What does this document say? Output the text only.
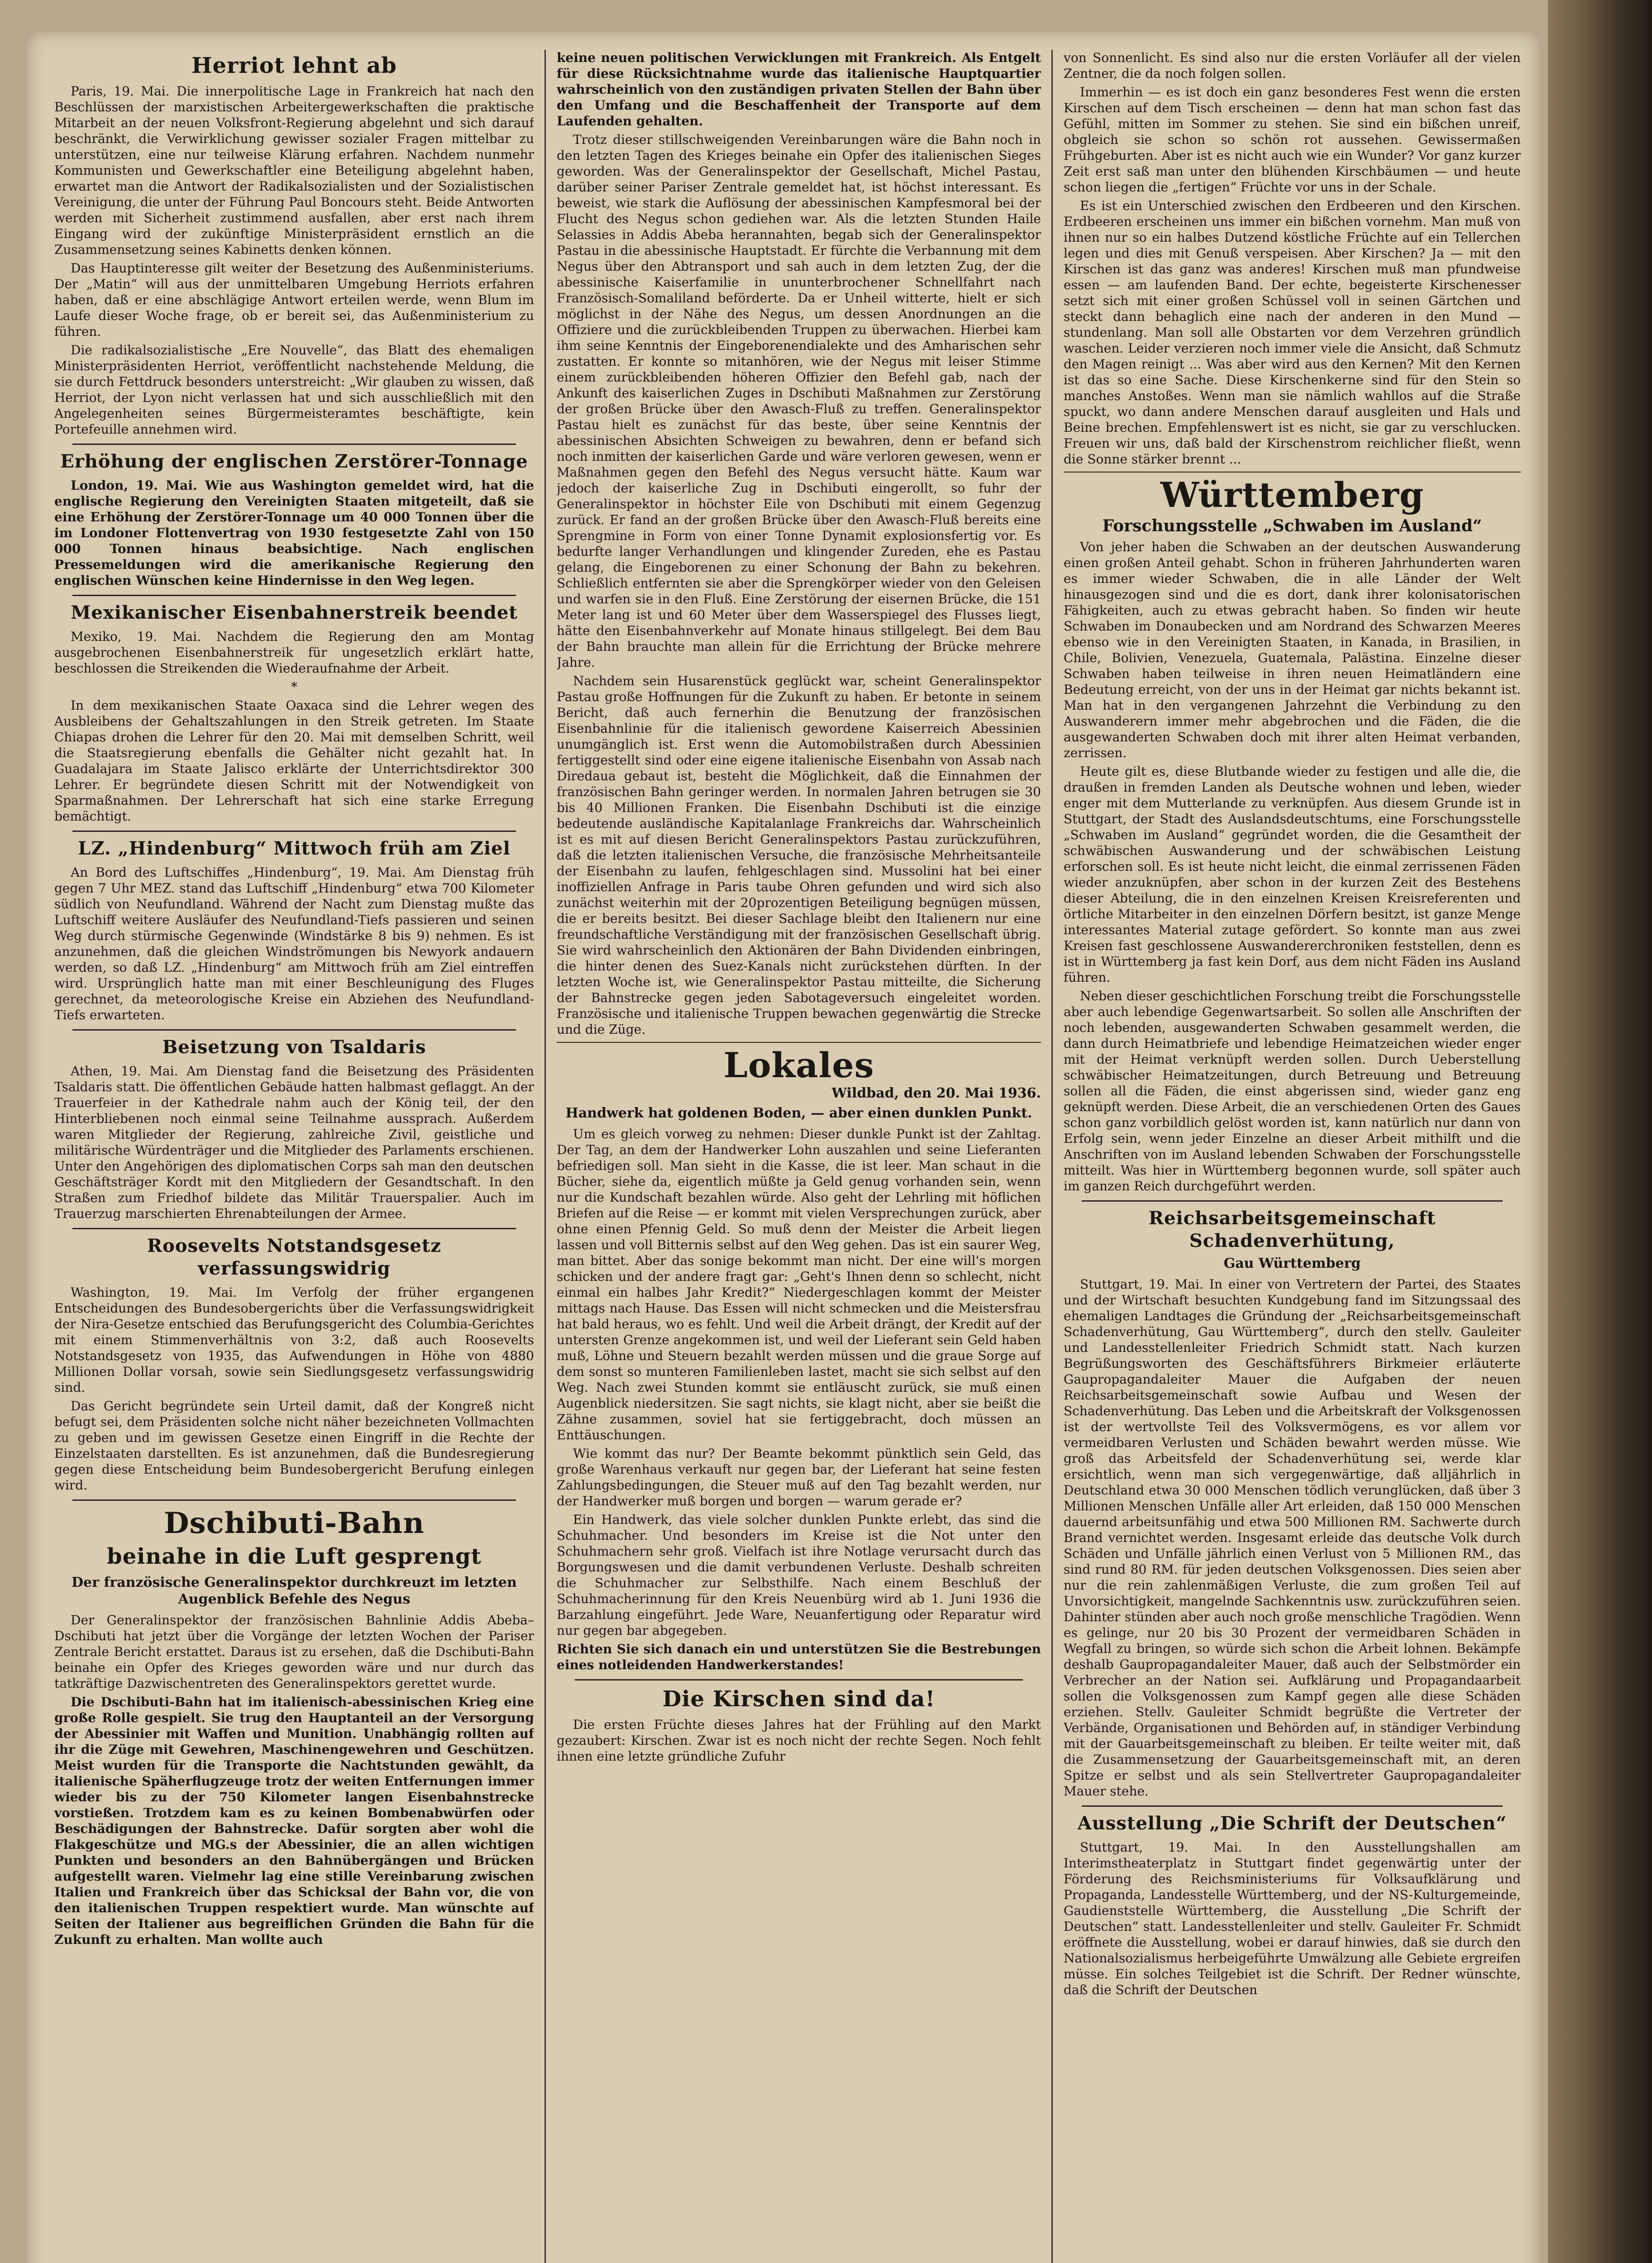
Herriot lehnt ab

Paris, 19. Mai. Die innerpolitische Lage in Frankreich hat nach den Beschlüssen der marxistischen Arbeitergewerkschaften die praktische Mitarbeit an der neuen Volksfront-Regierung abgelehnt und sich darauf beschränkt, die Verwirklichung gewisser sozialer Fragen mittelbar zu unterstützen, eine nur teilweise Klärung erfahren. Nachdem nunmehr Kommunisten und Gewerkschaftler eine Beteiligung abgelehnt haben, erwartet man die Antwort der Radikalsozialisten und der Sozialistischen Vereinigung, die unter der Führung Paul Boncours steht. Beide Antworten werden mit Sicherheit zustimmend ausfallen, aber erst nach ihrem Eingang wird der zukünftige Ministerpräsident ernstlich an die Zusammensetzung seines Kabinetts denken können.

Das Hauptinteresse gilt weiter der Besetzung des Außenministeriums. Der „Matin“ will aus der unmittelbaren Umgebung Herriots erfahren haben, daß er eine abschlägige Antwort erteilen werde, wenn Blum im Laufe dieser Woche frage, ob er bereit sei, das Außenministerium zu führen.

Die radikalsozialistische „Ere Nouvelle“, das Blatt des ehemaligen Ministerpräsidenten Herriot, veröffentlicht nachstehende Meldung, die sie durch Fettdruck besonders unterstreicht: „Wir glauben zu wissen, daß Herriot, der Lyon nicht verlassen hat und sich ausschließlich mit den Angelegenheiten seines Bürgermeisteramtes beschäftigte, kein Portefeuille annehmen wird.

Erhöhung der englischen Zerstörer-Tonnage

London, 19. Mai. Wie aus Washington gemeldet wird, hat die englische Regierung den Vereinigten Staaten mitgeteilt, daß sie eine Erhöhung der Zerstörer-Tonnage um 40 000 Tonnen über die im Londoner Flottenvertrag von 1930 festgesetzte Zahl von 150 000 Tonnen hinaus beabsichtige. Nach englischen Pressemeldungen wird die amerikanische Regierung den englischen Wünschen keine Hindernisse in den Weg legen.

Mexikanischer Eisenbahnerstreik beendet

Mexiko, 19. Mai. Nachdem die Regierung den am Montag ausgebrochenen Eisenbahnerstreik für ungesetzlich erklärt hatte, beschlossen die Streikenden die Wiederaufnahme der Arbeit.

*

In dem mexikanischen Staate Oaxaca sind die Lehrer wegen des Ausbleibens der Gehaltszahlungen in den Streik getreten. Im Staate Chiapas drohen die Lehrer für den 20. Mai mit demselben Schritt, weil die Staatsregierung ebenfalls die Gehälter nicht gezahlt hat. In Guadalajara im Staate Jalisco erklärte der Unterrichtsdirektor 300 Lehrer. Er begründete diesen Schritt mit der Notwendigkeit von Sparmaßnahmen. Der Lehrerschaft hat sich eine starke Erregung bemächtigt.

LZ. „Hindenburg“ Mittwoch früh am Ziel

An Bord des Luftschiffes „Hindenburg“, 19. Mai. Am Dienstag früh gegen 7 Uhr MEZ. stand das Luftschiff „Hindenburg“ etwa 700 Kilometer südlich von Neufundland. Während der Nacht zum Dienstag mußte das Luftschiff weitere Ausläufer des Neufundland-Tiefs passieren und seinen Weg durch stürmische Gegenwinde (Windstärke 8 bis 9) nehmen. Es ist anzunehmen, daß die gleichen Windströmungen bis Newyork andauern werden, so daß LZ. „Hindenburg“ am Mittwoch früh am Ziel eintreffen wird. Ursprünglich hatte man mit einer Beschleunigung des Fluges gerechnet, da meteorologische Kreise ein Abziehen des Neufundland-Tiefs erwarteten.

Beisetzung von Tsaldaris

Athen, 19. Mai. Am Dienstag fand die Beisetzung des Präsidenten Tsaldaris statt. Die öffentlichen Gebäude hatten halbmast geflaggt. An der Trauerfeier in der Kathedrale nahm auch der König teil, der den Hinterbliebenen noch einmal seine Teilnahme aussprach. Außerdem waren Mitglieder der Regierung, zahlreiche Zivil, geistliche und militärische Würdenträger und die Mitglieder des Parlaments erschienen. Unter den Angehörigen des diplomatischen Corps sah man den deutschen Geschäftsträger Kordt mit den Mitgliedern der Gesandtschaft. In den Straßen zum Friedhof bildete das Militär Trauerspalier. Auch im Trauerzug marschierten Ehrenabteilungen der Armee.

Roosevelts Notstandsgesetz verfassungswidrig

Washington, 19. Mai. Im Verfolg der früher ergangenen Entscheidungen des Bundesobergerichts über die Verfassungswidrigkeit der Nira-Gesetze entschied das Berufungsgericht des Columbia-Gerichtes mit einem Stimmenverhältnis von 3:2, daß auch Roosevelts Notstandsgesetz von 1935, das Aufwendungen in Höhe von 4880 Millionen Dollar vorsah, sowie sein Siedlungsgesetz verfassungswidrig sind.

Das Gericht begründete sein Urteil damit, daß der Kongreß nicht befugt sei, dem Präsidenten solche nicht näher bezeichneten Vollmachten zu geben und im gewissen Gesetze einen Eingriff in die Rechte der Einzelstaaten darstellten. Es ist anzunehmen, daß die Bundesregierung gegen diese Entscheidung beim Bundesobergericht Berufung einlegen wird.

Dschibuti-Bahn
beinahe in die Luft gesprengt
Der französische Generalinspektor durchkreuzt im letzten Augenblick Befehle des Negus

Der Generalinspektor der französischen Bahnlinie Addis Abeba–Dschibuti hat jetzt über die Vorgänge der letzten Wochen der Pariser Zentrale Bericht erstattet. Daraus ist zu ersehen, daß die Dschibuti-Bahn beinahe ein Opfer des Krieges geworden wäre und nur durch das tatkräftige Dazwischentreten des Generalinspektors gerettet wurde.

Die Dschibuti-Bahn hat im italienisch-abessinischen Krieg eine große Rolle gespielt. Sie trug den Hauptanteil an der Versorgung der Abessinier mit Waffen und Munition. Unabhängig rollten auf ihr die Züge mit Gewehren, Maschinengewehren und Geschützen. Meist wurden für die Transporte die Nachtstunden gewählt, da italienische Späherflugzeuge trotz der weiten Entfernungen immer wieder bis zu der 750 Kilometer langen Eisenbahnstrecke vorstießen. Trotzdem kam es zu keinen Bombenabwürfen oder Beschädigungen der Bahnstrecke. Dafür sorgten aber wohl die Flakgeschütze und MG.s der Abessinier, die an allen wichtigen Punkten und besonders an den Bahnübergängen und Brücken aufgestellt waren. Vielmehr lag eine stille Vereinbarung zwischen Italien und Frankreich über das Schicksal der Bahn vor, die von den italienischen Truppen respektiert wurde. Man wünschte auf Seiten der Italiener aus begreiflichen Gründen die Bahn für die Zukunft zu erhalten. Man wollte auch

keine neuen politischen Verwicklungen mit Frankreich. Als Entgelt für diese Rücksichtnahme wurde das italienische Hauptquartier wahrscheinlich von den zuständigen privaten Stellen der Bahn über den Umfang und die Beschaffenheit der Transporte auf dem Laufenden gehalten.

Trotz dieser stillschweigenden Vereinbarungen wäre die Bahn noch in den letzten Tagen des Krieges beinahe ein Opfer des italienischen Sieges geworden. Was der Generalinspektor der Gesellschaft, Michel Pastau, darüber seiner Pariser Zentrale gemeldet hat, ist höchst interessant. Es beweist, wie stark die Auflösung der abessinischen Kampfesmoral bei der Flucht des Negus schon gediehen war. Als die letzten Stunden Haile Selassies in Addis Abeba herannahten, begab sich der Generalinspektor Pastau in die abessinische Hauptstadt. Er fürchte die Verbannung mit dem Negus über den Abtransport und sah auch in dem letzten Zug, der die abessinische Kaiserfamilie in ununterbrochener Schnellfahrt nach Französisch-Somaliland beförderte. Da er Unheil witterte, hielt er sich möglichst in der Nähe des Negus, um dessen Anordnungen an die Offiziere und die zurückbleibenden Truppen zu überwachen. Hierbei kam ihm seine Kenntnis der Eingeborenendialekte und des Amharischen sehr zustatten. Er konnte so mitanhören, wie der Negus mit leiser Stimme einem zurückbleibenden höheren Offizier den Befehl gab, nach der Ankunft des kaiserlichen Zuges in Dschibuti Maßnahmen zur Zerstörung der großen Brücke über den Awasch-Fluß zu treffen. Generalinspektor Pastau hielt es zunächst für das beste, über seine Kenntnis der abessinischen Absichten Schweigen zu bewahren, denn er befand sich noch inmitten der kaiserlichen Garde und wäre verloren gewesen, wenn er Maßnahmen gegen den Befehl des Negus versucht hätte. Kaum war jedoch der kaiserliche Zug in Dschibuti eingerollt, so fuhr der Generalinspektor in höchster Eile von Dschibuti mit einem Gegenzug zurück. Er fand an der großen Brücke über den Awasch-Fluß bereits eine Sprengmine in Form von einer Tonne Dynamit explosionsfertig vor. Es bedurfte langer Verhandlungen und klingender Zureden, ehe es Pastau gelang, die Eingeborenen zu einer Schonung der Bahn zu bekehren. Schließlich entfernten sie aber die Sprengkörper wieder von den Geleisen und warfen sie in den Fluß. Eine Zerstörung der eisernen Brücke, die 151 Meter lang ist und 60 Meter über dem Wasserspiegel des Flusses liegt, hätte den Eisenbahnverkehr auf Monate hinaus stillgelegt. Bei dem Bau der Bahn brauchte man allein für die Errichtung der Brücke mehrere Jahre.

Nachdem sein Husarenstück geglückt war, scheint Generalinspektor Pastau große Hoffnungen für die Zukunft zu haben. Er betonte in seinem Bericht, daß auch fernerhin die Benutzung der französischen Eisenbahnlinie für die italienisch gewordene Kaiserreich Abessinien unumgänglich ist. Erst wenn die Automobilstraßen durch Abessinien fertiggestellt sind oder eine eigene italienische Eisenbahn von Assab nach Diredaua gebaut ist, besteht die Möglichkeit, daß die Einnahmen der französischen Bahn geringer werden. In normalen Jahren betrugen sie 30 bis 40 Millionen Franken. Die Eisenbahn Dschibuti ist die einzige bedeutende ausländische Kapitalanlage Frankreichs dar. Wahrscheinlich ist es mit auf diesen Bericht Generalinspektors Pastau zurückzuführen, daß die letzten italienischen Versuche, die französische Mehrheitsanteile der Eisenbahn zu laufen, fehlgeschlagen sind. Mussolini hat bei einer inoffiziellen Anfrage in Paris taube Ohren gefunden und wird sich also zunächst weiterhin mit der 20prozentigen Beteiligung begnügen müssen, die er bereits besitzt. Bei dieser Sachlage bleibt den Italienern nur eine freundschaftliche Verständigung mit der französischen Gesellschaft übrig. Sie wird wahrscheinlich den Aktionären der Bahn Dividenden einbringen, die hinter denen des Suez-Kanals nicht zurückstehen dürften. In der letzten Woche ist, wie Generalinspektor Pastau mitteilte, die Sicherung der Bahnstrecke gegen jeden Sabotageversuch eingeleitet worden. Französische und italienische Truppen bewachen gegenwärtig die Strecke und die Züge.

Lokales
Wildbad, den 20. Mai 1936.
Handwerk hat goldenen Boden, — aber einen dunklen Punkt.

Um es gleich vorweg zu nehmen: Dieser dunkle Punkt ist der Zahltag. Der Tag, an dem der Handwerker Lohn auszahlen und seine Lieferanten befriedigen soll. Man sieht in die Kasse, die ist leer. Man schaut in die Bücher, siehe da, eigentlich müßte ja Geld genug vorhanden sein, wenn nur die Kundschaft bezahlen würde. Also geht der Lehrling mit höflichen Briefen auf die Reise — er kommt mit vielen Versprechungen zurück, aber ohne einen Pfennig Geld. So muß denn der Meister die Arbeit liegen lassen und voll Bitternis selbst auf den Weg gehen. Das ist ein saurer Weg, man bittet. Aber das sonige bekommt man nicht. Der eine will's morgen schicken und der andere fragt gar: „Geht's Ihnen denn so schlecht, nicht einmal ein halbes Jahr Kredit?“ Niedergeschlagen kommt der Meister mittags nach Hause. Das Essen will nicht schmecken und die Meistersfrau hat bald heraus, wo es fehlt. Und weil die Arbeit drängt, der Kredit auf der untersten Grenze angekommen ist, und weil der Lieferant sein Geld haben muß, Löhne und Steuern bezahlt werden müssen und die graue Sorge auf dem sonst so munteren Familienleben lastet, macht sie sich selbst auf den Weg. Nach zwei Stunden kommt sie entläuscht zurück, sie muß einen Augenblick niedersitzen. Sie sagt nichts, sie klagt nicht, aber sie beißt die Zähne zusammen, soviel hat sie fertiggebracht, doch müssen an Enttäuschungen.

Wie kommt das nur? Der Beamte bekommt pünktlich sein Geld, das große Warenhaus verkauft nur gegen bar, der Lieferant hat seine festen Zahlungsbedingungen, die Steuer muß auf den Tag bezahlt werden, nur der Handwerker muß borgen und borgen — warum gerade er?

Ein Handwerk, das viele solcher dunklen Punkte erlebt, das sind die Schuhmacher. Und besonders im Kreise ist die Not unter den Schuhmachern sehr groß. Vielfach ist ihre Notlage verursacht durch das Borgungswesen und die damit verbundenen Verluste. Deshalb schreiten die Schuhmacher zur Selbsthilfe. Nach einem Beschluß der Schuhmacherinnung für den Kreis Neuenbürg wird ab 1. Juni 1936 die Barzahlung eingeführt. Jede Ware, Neuanfertigung oder Reparatur wird nur gegen bar abgegeben.

Richten Sie sich danach ein und unterstützen Sie die Bestrebungen eines notleidenden Handwerkerstandes!

Die Kirschen sind da!

Die ersten Früchte dieses Jahres hat der Frühling auf den Markt gezaubert: Kirschen. Zwar ist es noch nicht der rechte Segen. Noch fehlt ihnen eine letzte gründliche Zufuhr

von Sonnenlicht. Es sind also nur die ersten Vorläufer all der vielen Zentner, die da noch folgen sollen.

Immerhin — es ist doch ein ganz besonderes Fest wenn die ersten Kirschen auf dem Tisch erscheinen — denn hat man schon fast das Gefühl, mitten im Sommer zu stehen. Sie sind ein bißchen unreif, obgleich sie schon so schön rot aussehen. Gewissermaßen Frühgeburten. Aber ist es nicht auch wie ein Wunder? Vor ganz kurzer Zeit erst saß man unter den blühenden Kirschbäumen — und heute schon liegen die „fertigen“ Früchte vor uns in der Schale.

Es ist ein Unterschied zwischen den Erdbeeren und den Kirschen. Erdbeeren erscheinen uns immer ein bißchen vornehm. Man muß von ihnen nur so ein halbes Dutzend köstliche Früchte auf ein Tellerchen legen und dies mit Genuß verspeisen. Aber Kirschen? Ja — mit den Kirschen ist das ganz was anderes! Kirschen muß man pfundweise essen — am laufenden Band. Der echte, begeisterte Kirschenesser setzt sich mit einer großen Schüssel voll in seinen Gärtchen und steckt dann behaglich eine nach der anderen in den Mund — stundenlang. Man soll alle Obstarten vor dem Verzehren gründlich waschen. Leider verzieren noch immer viele die Ansicht, daß Schmutz den Magen reinigt ... Was aber wird aus den Kernen? Mit den Kernen ist das so eine Sache. Diese Kirschenkerne sind für den Stein so manches Anstoßes. Wenn man sie nämlich wahllos auf die Straße spuckt, wo dann andere Menschen darauf ausgleiten und Hals und Beine brechen. Empfehlenswert ist es nicht, sie gar zu verschlucken. Freuen wir uns, daß bald der Kirschenstrom reichlicher fließt, wenn die Sonne stärker brennt ...

Württemberg
Forschungsstelle „Schwaben im Ausland“

Von jeher haben die Schwaben an der deutschen Auswanderung einen großen Anteil gehabt. Schon in früheren Jahrhunderten waren es immer wieder Schwaben, die in alle Länder der Welt hinausgezogen sind und die es dort, dank ihrer kolonisatorischen Fähigkeiten, auch zu etwas gebracht haben. So finden wir heute Schwaben im Donaubecken und am Nordrand des Schwarzen Meeres ebenso wie in den Vereinigten Staaten, in Kanada, in Brasilien, in Chile, Bolivien, Venezuela, Guatemala, Palästina. Einzelne dieser Schwaben haben teilweise in ihren neuen Heimatländern eine Bedeutung erreicht, von der uns in der Heimat gar nichts bekannt ist. Man hat in den vergangenen Jahrzehnt die Verbindung zu den Auswanderern immer mehr abgebrochen und die Fäden, die die ausgewanderten Schwaben doch mit ihrer alten Heimat verbanden, zerrissen.

Heute gilt es, diese Blutbande wieder zu festigen und alle die, die draußen in fremden Landen als Deutsche wohnen und leben, wieder enger mit dem Mutterlande zu verknüpfen. Aus diesem Grunde ist in Stuttgart, der Stadt des Auslandsdeutschtums, eine Forschungsstelle „Schwaben im Ausland“ gegründet worden, die die Gesamtheit der schwäbischen Auswanderung und der schwäbischen Leistung erforschen soll. Es ist heute nicht leicht, die einmal zerrissenen Fäden wieder anzuknüpfen, aber schon in der kurzen Zeit des Bestehens dieser Abteilung, die in den einzelnen Kreisen Kreisreferenten und örtliche Mitarbeiter in den einzelnen Dörfern besitzt, ist ganze Menge interessantes Material zutage gefördert. So konnte man aus zwei Kreisen fast geschlossene Auswandererchroniken feststellen, denn es ist in Württemberg ja fast kein Dorf, aus dem nicht Fäden ins Ausland führen.

Neben dieser geschichtlichen Forschung treibt die Forschungsstelle aber auch lebendige Gegenwartsarbeit. So sollen alle Anschriften der noch lebenden, ausgewanderten Schwaben gesammelt werden, die dann durch Heimatbriefe und lebendige Heimatzeichen wieder enger mit der Heimat verknüpft werden sollen. Durch Ueberstellung schwäbischer Heimatzeitungen, durch Betreuung und Betreuung sollen all die Fäden, die einst abgerissen sind, wieder ganz eng geknüpft werden. Diese Arbeit, die an verschiedenen Orten des Gaues schon ganz vorbildlich gelöst worden ist, kann natürlich nur dann von Erfolg sein, wenn jeder Einzelne an dieser Arbeit mithilft und die Anschriften von im Ausland lebenden Schwaben der Forschungsstelle mitteilt. Was hier in Württemberg begonnen wurde, soll später auch im ganzen Reich durchgeführt werden.

Reichsarbeitsgemeinschaft Schadenverhütung,
Gau Württemberg

Stuttgart, 19. Mai. In einer von Vertretern der Partei, des Staates und der Wirtschaft besuchten Kundgebung fand im Sitzungssaal des ehemaligen Landtages die Gründung der „Reichsarbeitsgemeinschaft Schadenverhütung, Gau Württemberg“, durch den stellv. Gauleiter und Landesstellenleiter Friedrich Schmidt statt. Nach kurzen Begrüßungsworten des Geschäftsführers Birkmeier erläuterte Gaupropagandaleiter Mauer die Aufgaben der neuen Reichsarbeitsgemeinschaft sowie Aufbau und Wesen der Schadenverhütung. Das Leben und die Arbeitskraft der Volksgenossen ist der wertvollste Teil des Volksvermögens, es vor allem vor vermeidbaren Verlusten und Schäden bewahrt werden müsse. Wie groß das Arbeitsfeld der Schadenverhütung sei, werde klar ersichtlich, wenn man sich vergegenwärtige, daß alljährlich in Deutschland etwa 30 000 Menschen tödlich verunglücken, daß über 3 Millionen Menschen Unfälle aller Art erleiden, daß 150 000 Menschen dauernd arbeitsunfähig und etwa 500 Millionen RM. Sachwerte durch Brand vernichtet werden. Insgesamt erleide das deutsche Volk durch Schäden und Unfälle jährlich einen Verlust von 5 Millionen RM., das sind rund 80 RM. für jeden deutschen Volksgenossen. Dies seien aber nur die rein zahlenmäßigen Verluste, die zum großen Teil auf Unvorsichtigkeit, mangelnde Sachkenntnis usw. zurückzuführen seien. Dahinter stünden aber auch noch große menschliche Tragödien. Wenn es gelinge, nur 20 bis 30 Prozent der vermeidbaren Schäden in Wegfall zu bringen, so würde sich schon die Arbeit lohnen. Bekämpfe deshalb Gaupropagandaleiter Mauer, daß auch der Selbstmörder ein Verbrecher an der Nation sei. Aufklärung und Propagandaarbeit sollen die Volksgenossen zum Kampf gegen alle diese Schäden erziehen. Stellv. Gauleiter Schmidt begrüßte die Vertreter der Verbände, Organisationen und Behörden auf, in ständiger Verbindung mit der Gauarbeitsgemeinschaft zu bleiben. Er teilte weiter mit, daß die Zusammensetzung der Gauarbeitsgemeinschaft mit, an deren Spitze er selbst und als sein Stellvertreter Gaupropagandaleiter Mauer stehe.

Ausstellung „Die Schrift der Deutschen“

Stuttgart, 19. Mai. In den Ausstellungshallen am Interimstheaterplatz in Stuttgart findet gegenwärtig unter der Förderung des Reichsministeriums für Volksaufklärung und Propaganda, Landesstelle Württemberg, und der NS-Kulturgemeinde, Gaudienststelle Württemberg, die Ausstellung „Die Schrift der Deutschen“ statt. Landesstellenleiter und stellv. Gauleiter Fr. Schmidt eröffnete die Ausstellung, wobei er darauf hinwies, daß sie durch den Nationalsozialismus herbeigeführte Umwälzung alle Gebiete ergreifen müsse. Ein solches Teilgebiet ist die Schrift. Der Redner wünschte, daß die Schrift der Deutschen
